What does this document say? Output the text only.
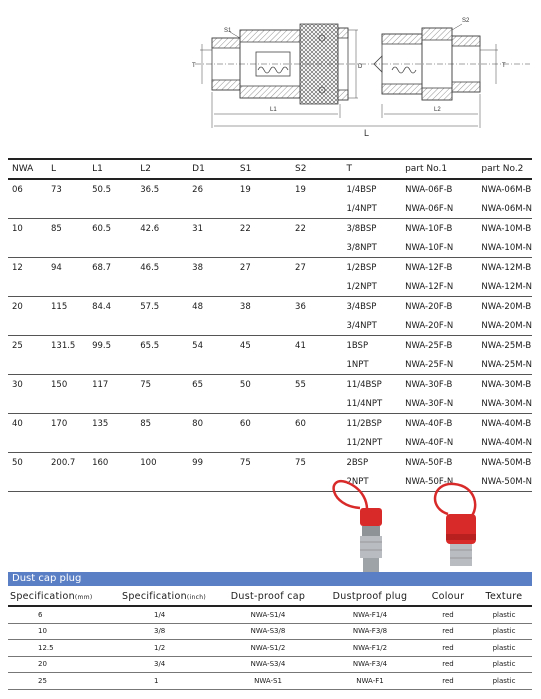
S1
S2
T	T
D
L1	L2
L
NWA	L	L1	L2	D1	S1	S2	T	part No.1	part No.2
06	73	50.5	36.5	26	19	19	1/4BSP	NWA-06F-B	NWA-06M-B
							1/4NPT	NWA-06F-N	NWA-06M-N
10	85	60.5	42.6	31	22	22	3/8BSP	NWA-10F-B	NWA-10M-B
							3/8NPT	NWA-10F-N	NWA-10M-N
12	94	68.7	46.5	38	27	27	1/2BSP	NWA-12F-B	NWA-12M-B
							1/2NPT	NWA-12F-N	NWA-12M-N
20	115	84.4	57.5	48	38	36	3/4BSP	NWA-20F-B	NWA-20M-B
							3/4NPT	NWA-20F-N	NWA-20M-N
25	131.5	99.5	65.5	54	45	41	1BSP	NWA-25F-B	NWA-25M-B
							1NPT	NWA-25F-N	NWA-25M-N
30	150	117	75	65	50	55	11/4BSP	NWA-30F-B	NWA-30M-B
							11/4NPT	NWA-30F-N	NWA-30M-N
40	170	135	85	80	60	60	11/2BSP	NWA-40F-B	NWA-40M-B
							11/2NPT	NWA-40F-N	NWA-40M-N
50	200.7	160	100	99	75	75	2BSP	NWA-50F-B	NWA-50M-B
							2NPT	NWA-50F-N	NWA-50M-N
Dust cap plug
Specification(mm)	Specification(inch)	Dust-proof cap	Dustproof plug	Colour	Texture
6	1/4	NWA-S1/4	NWA-F1/4	red	plastic
10	3/8	NWA-S3/8	NWA-F3/8	red	plastic
12.5	1/2	NWA-S1/2	NWA-F1/2	red	plastic
20	3/4	NWA-S3/4	NWA-F3/4	red	plastic
25	1	NWA-S1	NWA-F1	red	plastic
